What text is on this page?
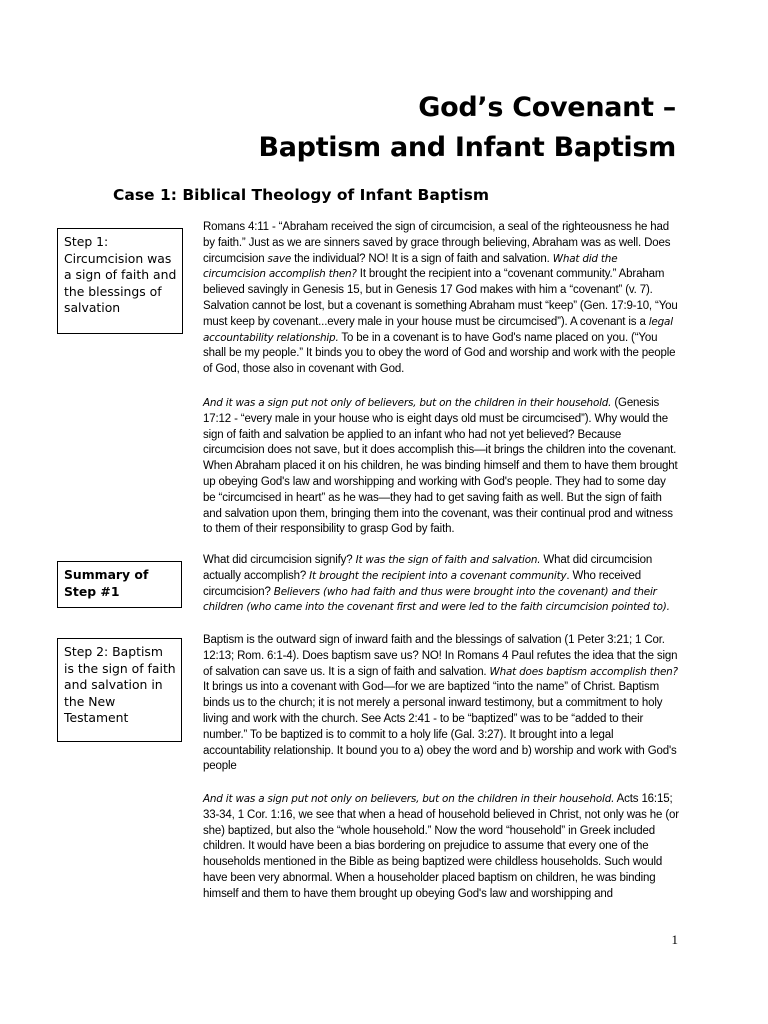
God’s Covenant –
Baptism and Infant Baptism
Case 1: Biblical Theology of Infant Baptism
Step 1: Circumcision was a sign of faith and the blessings of salvation
Summary of Step #1
Step 2: Baptism is the sign of faith and salvation in the New Testament

Romans 4:11 - “Abraham received the sign of circumcision, a seal of the righteousness he had by faith.” Just as we are sinners saved by grace through believing, Abraham was as well. Does circumcision save the individual? NO! It is a sign of faith and salvation. What did the circumcision accomplish then? It brought the recipient into a “covenant community.” Abraham believed savingly in Genesis 15, but in Genesis 17 God makes with him a “covenant” (v. 7). Salvation cannot be lost, but a covenant is something Abraham must “keep” (Gen. 17:9-10, “You must keep by covenant...every male in your house must be circumcised”). A covenant is a legal accountability relationship. To be in a covenant is to have God's name placed on you. (“You shall be my people.” It binds you to obey the word of God and worship and work with the people of God, those also in covenant with God.

And it was a sign put not only of believers, but on the children in their household. (Genesis 17:12 - “every male in your house who is eight days old must be circumcised”). Why would the sign of faith and salvation be applied to an infant who had not yet believed? Because circumcision does not save, but it does accomplish this—it brings the children into the covenant. When Abraham placed it on his children, he was binding himself and them to have them brought up obeying God's law and worshipping and working with God's people. They had to some day be “circumcised in heart” as he was—they had to get saving faith as well. But the sign of faith and salvation upon them, bringing them into the covenant, was their continual prod and witness to them of their responsibility to grasp God by faith.

What did circumcision signify? It was the sign of faith and salvation. What did circumcision actually accomplish? It brought the recipient into a covenant community. Who received circumcision? Believers (who had faith and thus were brought into the covenant) and their children (who came into the covenant first and were led to the faith circumcision pointed to).

Baptism is the outward sign of inward faith and the blessings of salvation (1 Peter 3:21; 1 Cor. 12:13; Rom. 6:1-4). Does baptism save us? NO! In Romans 4 Paul refutes the idea that the sign of salvation can save us. It is a sign of faith and salvation. What does baptism accomplish then? It brings us into a covenant with God—for we are baptized “into the name” of Christ. Baptism binds us to the church; it is not merely a personal inward testimony, but a commitment to holy living and work with the church. See Acts 2:41 - to be “baptized” was to be “added to their number.” To be baptized is to commit to a holy life (Gal. 3:27). It brought into a legal accountability relationship. It bound you to a) obey the word and b) worship and work with God's people

And it was a sign put not only on believers, but on the children in their household. Acts 16:15; 33-34, 1 Cor. 1:16, we see that when a head of household believed in Christ, not only was he (or she) baptized, but also the “whole household.” Now the word “household” in Greek included children. It would have been a bias bordering on prejudice to assume that every one of the households mentioned in the Bible as being baptized were childless households. Such would have been very abnormal. When a householder placed baptism on children, he was binding himself and them to have them brought up obeying God's law and worshipping and

1
